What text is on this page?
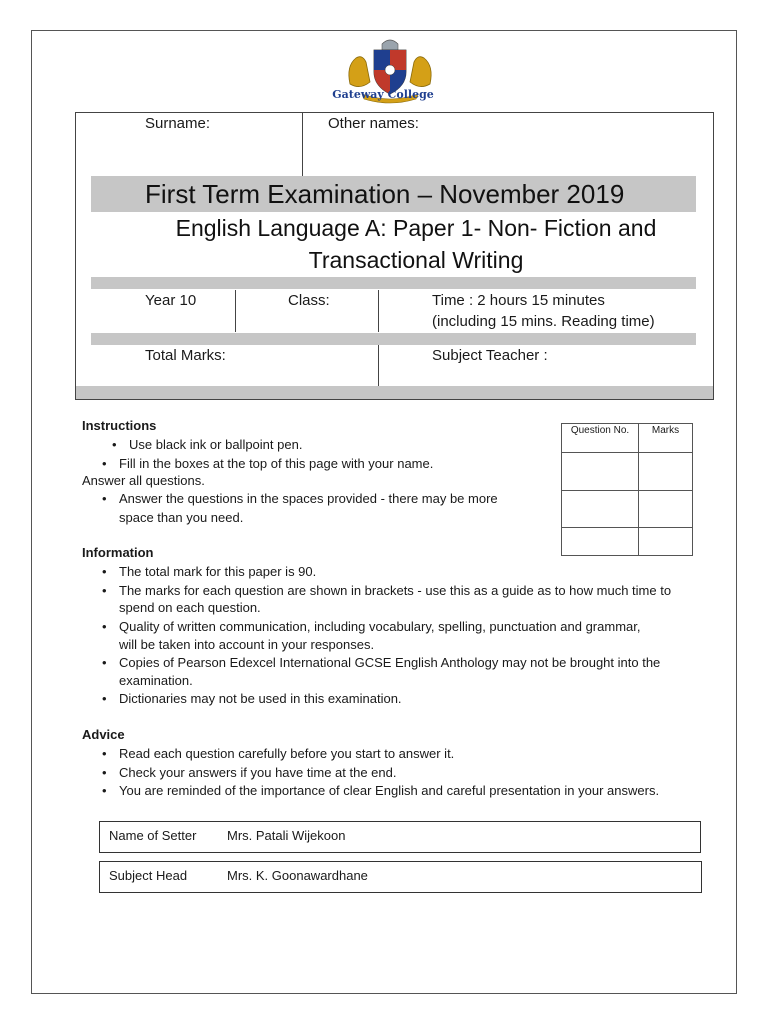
Gateway College
Surname:	Other names:
First Term Examination – November 2019
English Language A: Paper 1- Non- Fiction and
Transactional Writing
Year 10	Class:	Time : 2 hours 15 minutes
(including 15 mins. Reading time)
Total Marks:	Subject Teacher :
Question No.	Marks

Instructions
• Use black ink or ballpoint pen.
• Fill in the boxes at the top of this page with your name.
Answer all questions.
• Answer the questions in the spaces provided - there may be more
space than you need.
Information
• The total mark for this paper is 90.
• The marks for each question are shown in brackets - use this as a guide as to how much time to
spend on each question.
• Quality of written communication, including vocabulary, spelling, punctuation and grammar,
will be taken into account in your responses.
• Copies of Pearson Edexcel International GCSE English Anthology may not be brought into the
examination.
• Dictionaries may not be used in this examination.
Advice
• Read each question carefully before you start to answer it.
• Check your answers if you have time at the end.
• You are reminded of the importance of clear English and careful presentation in your answers.
Name of Setter Mrs. Patali Wijekoon
Subject Head	Mrs. K. Goonawardhane
